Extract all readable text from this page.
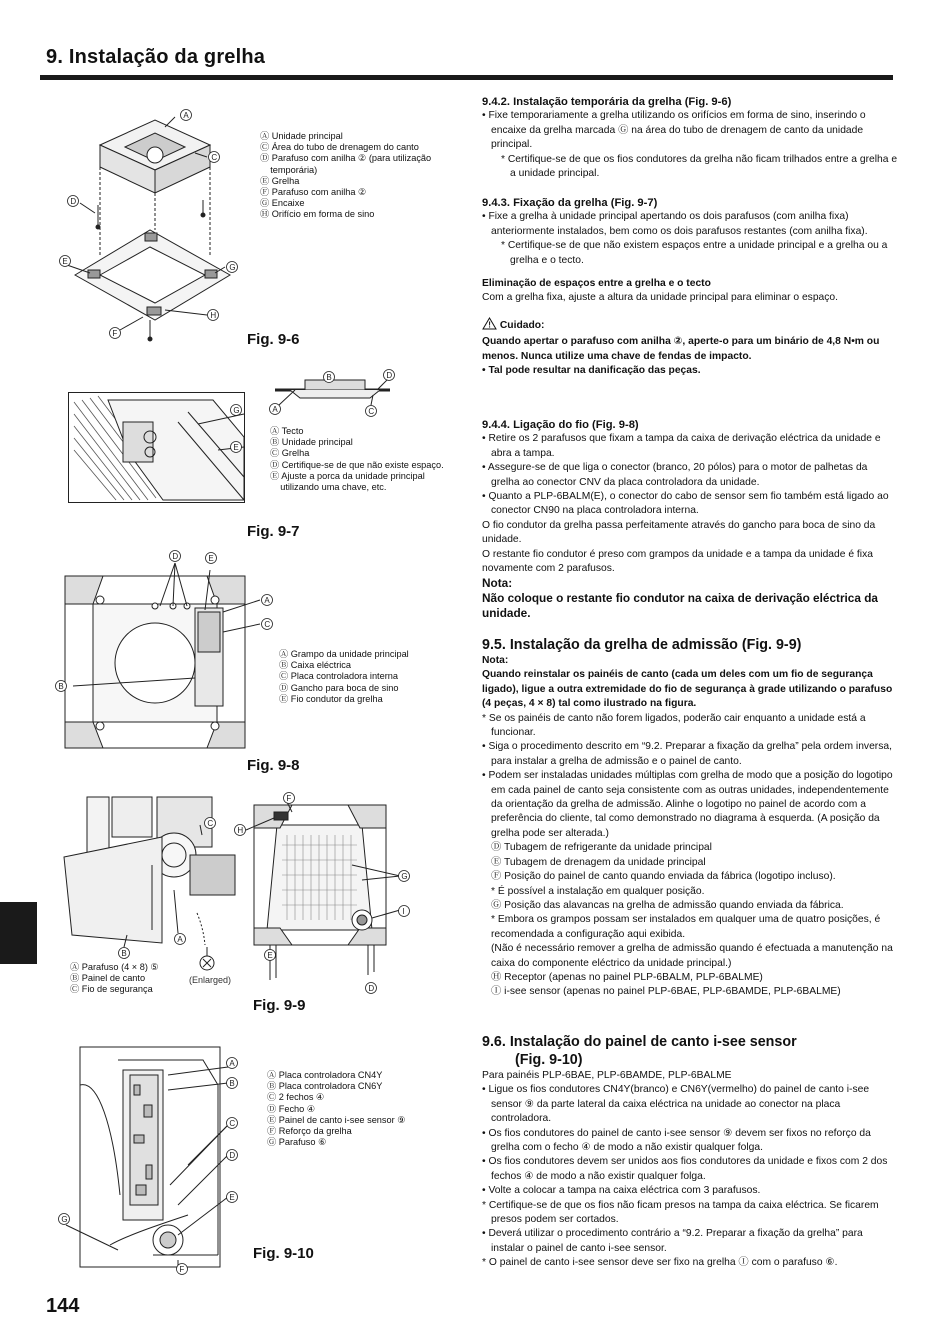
9. Instalação da grelha
A
C
D
E
G
F
H
Ⓐ Unidade principal
Ⓒ Área do tubo de drenagem do canto
Ⓓ Parafuso com anilha ② (para utilização
temporária)
Ⓔ Grelha
Ⓕ Parafuso com anilha ②
Ⓖ Encaixe
Ⓗ Orifício em forma de sino
Fig. 9-6
G
E
B	D
A	C
Ⓐ Tecto
Ⓑ Unidade principal
Ⓒ Grelha
Ⓓ Certifique-se de que não existe espaço.
Ⓔ Ajuste a porca da unidade principal
utilizando uma chave, etc.
Fig. 9-7
D	E
A
C
B
Ⓐ Grampo da unidade principal
Ⓑ Caixa eléctrica
Ⓒ Placa controladora interna
Ⓓ Gancho para boca de sino
Ⓔ Fio condutor da grelha
Fig. 9-8
C
A
B
(Enlarged)
F
H
G
I
E
D
Ⓐ Parafuso (4 × 8) ⑤
Ⓑ Painel de canto
Ⓒ Fio de segurança
Fig. 9-9
A
B
C
D
E
G
F
Ⓐ Placa controladora CN4Y
Ⓑ Placa controladora CN6Y
Ⓒ 2 fechos ④
Ⓓ Fecho ④
Ⓔ Painel de canto i-see sensor ⑨
Ⓕ Reforço da grelha
Ⓖ Parafuso ⑥
Fig. 9-10
9.4.2. Instalação temporária da grelha (Fig. 9-6)
• Fixe temporariamente a grelha utilizando os orifícios em forma de sino, inserindo o encaixe da grelha marcada Ⓖ na área do tubo de drenagem de canto da unidade principal.
* Certifique-se de que os fios condutores da grelha não ficam trilhados entre a grelha e a unidade principal.
9.4.3. Fixação da grelha (Fig. 9-7)
• Fixe a grelha à unidade principal apertando os dois parafusos (com anilha fixa) anteriormente instalados, bem como os dois parafusos restantes (com anilha fixa).
* Certifique-se de que não existem espaços entre a unidade principal e a grelha ou a grelha e o tecto.
Eliminação de espaços entre a grelha e o tecto
Com a grelha fixa, ajuste a altura da unidade principal para eliminar o espaço.
! Cuidado:
Quando apertar o parafuso com anilha ②, aperte-o para um binário de 4,8 N•m ou menos. Nunca utilize uma chave de fendas de impacto.
• Tal pode resultar na danificação das peças.
9.4.4. Ligação do fio (Fig. 9-8)
• Retire os 2 parafusos que fixam a tampa da caixa de derivação eléctrica da unidade e abra a tampa.
• Assegure-se de que liga o conector (branco, 20 pólos) para o motor de palhetas da grelha ao conector CNV da placa controladora da unidade.
• Quanto a PLP-6BALM(E), o conector do cabo de sensor sem fio também está ligado ao conector CN90 na placa controladora interna.
O fio condutor da grelha passa perfeitamente através do gancho para boca de sino da unidade.
O restante fio condutor é preso com grampos da unidade e a tampa da unidade é fixa novamente com 2 parafusos.
Nota:
Não coloque o restante fio condutor na caixa de derivação eléctrica da unidade.
9.5. Instalação da grelha de admissão (Fig. 9-9)
Nota:
Quando reinstalar os painéis de canto (cada um deles com um fio de segurança ligado), ligue a outra extremidade do fio de segurança à grade utilizando o parafuso (4 peças, 4 × 8) tal como ilustrado na figura.
* Se os painéis de canto não forem ligados, poderão cair enquanto a unidade está a funcionar.
• Siga o procedimento descrito em “9.2. Preparar a fixação da grelha” pela ordem inversa, para instalar a grelha de admissão e o painel de canto.
• Podem ser instaladas unidades múltiplas com grelha de modo que a posição do logotipo em cada painel de canto seja consistente com as outras unidades, independentemente da orientação da grelha de admissão. Alinhe o logotipo no painel de acordo com a preferência do cliente, tal como demonstrado no diagrama à esquerda. (A posição da grelha pode ser alterada.)
Ⓓ Tubagem de refrigerante da unidade principal
Ⓔ Tubagem de drenagem da unidade principal
Ⓕ Posição do painel de canto quando enviada da fábrica (logotipo incluso).
* É possível a instalação em qualquer posição.
Ⓖ Posição das alavancas na grelha de admissão quando enviada da fábrica.
* Embora os grampos possam ser instalados em qualquer uma de quatro posições, é recomendada a configuração aqui exibida.
(Não é necessário remover a grelha de admissão quando é efectuada a manutenção na caixa do componente eléctrico da unidade principal.)
Ⓗ Receptor (apenas no painel PLP-6BALM, PLP-6BALME)
Ⓘ i-see sensor (apenas no painel PLP-6BAE, PLP-6BAMDE, PLP-6BALME)
9.6. Instalação do painel de canto i-see sensor
(Fig. 9-10)
Para painéis PLP-6BAE, PLP-6BAMDE, PLP-6BALME
• Ligue os fios condutores CN4Y(branco) e CN6Y(vermelho) do painel de canto i-see sensor ⑨ da parte lateral da caixa eléctrica na unidade ao conector na placa controladora.
• Os fios condutores do painel de canto i-see sensor ⑨ devem ser fixos no reforço da grelha com o fecho ④ de modo a não existir qualquer folga.
• Os fios condutores devem ser unidos aos fios condutores da unidade e fixos com 2 dos fechos ④ de modo a não existir qualquer folga.
• Volte a colocar a tampa na caixa eléctrica com 3 parafusos.
* Certifique-se de que os fios não ficam presos na tampa da caixa eléctrica. Se ficarem presos podem ser cortados.
• Deverá utilizar o procedimento contrário a “9.2. Preparar a fixação da grelha” para instalar o painel de canto i-see sensor.
* O painel de canto i-see sensor deve ser fixo na grelha Ⓘ com o parafuso ⑥.
144
